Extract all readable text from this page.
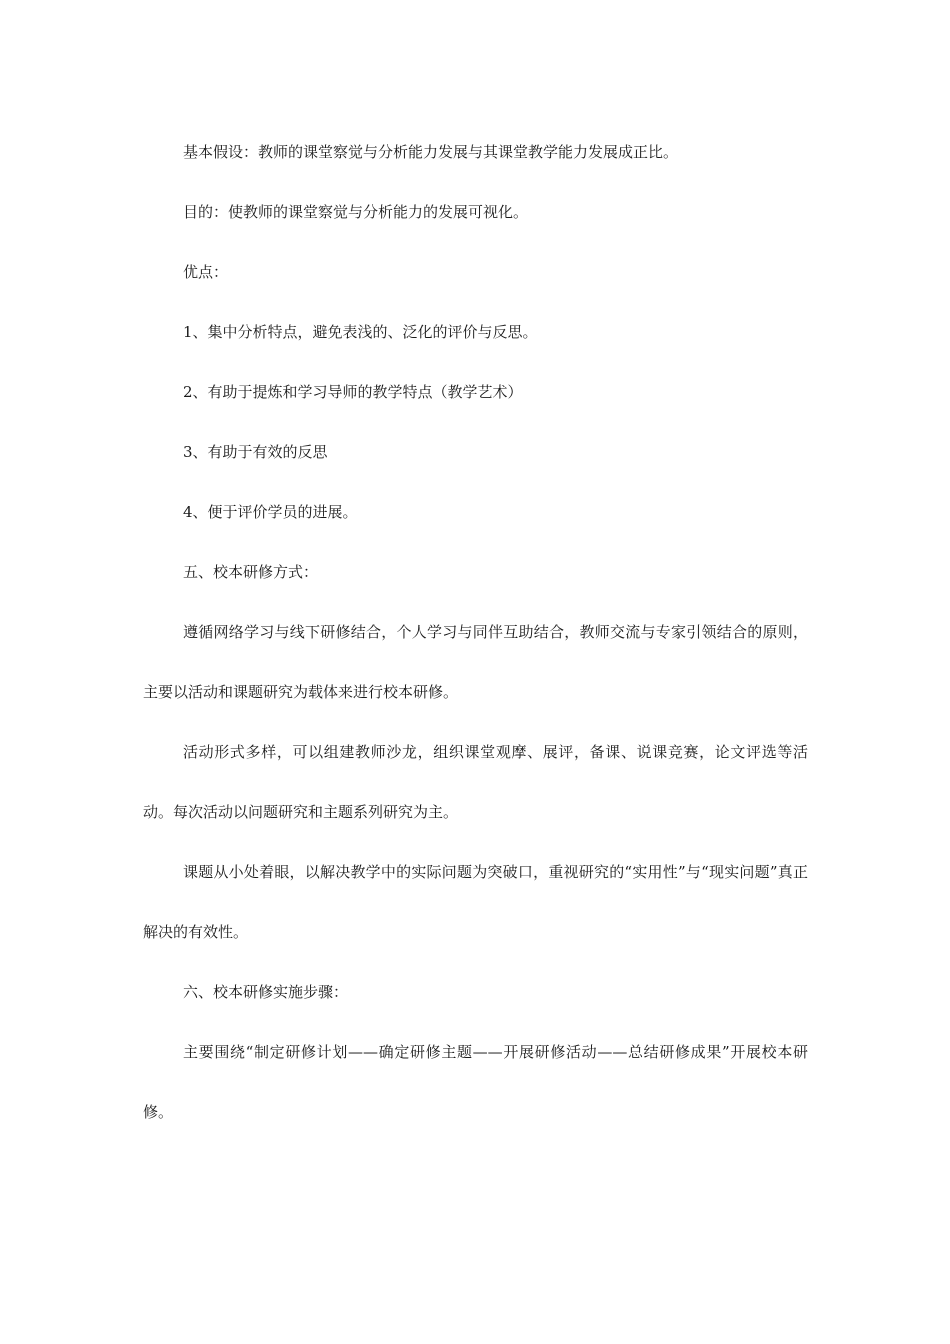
基本假设：教师的课堂察觉与分析能力发展与其课堂教学能力发展成正比。

目的：使教师的课堂察觉与分析能力的发展可视化。

优点：

1、集中分析特点，避免表浅的、泛化的评价与反思。

2、有助于提炼和学习导师的教学特点（教学艺术）

3、有助于有效的反思

4、便于评价学员的进展。

五、校本研修方式：

遵循网络学习与线下研修结合，个人学习与同伴互助结合，教师交流与专家引领结合的原则，主要以活动和课题研究为载体来进行校本研修。

活动形式多样，可以组建教师沙龙，组织课堂观摩、展评，备课、说课竞赛，论文评选等活动。每次活动以问题研究和主题系列研究为主。

课题从小处着眼，以解决教学中的实际问题为突破口，重视研究的“实用性”与“现实问题”真正解决的有效性。

六、校本研修实施步骤：

主要围绕“制定研修计划——确定研修主题——开展研修活动——总结研修成果”开展校本研修。
